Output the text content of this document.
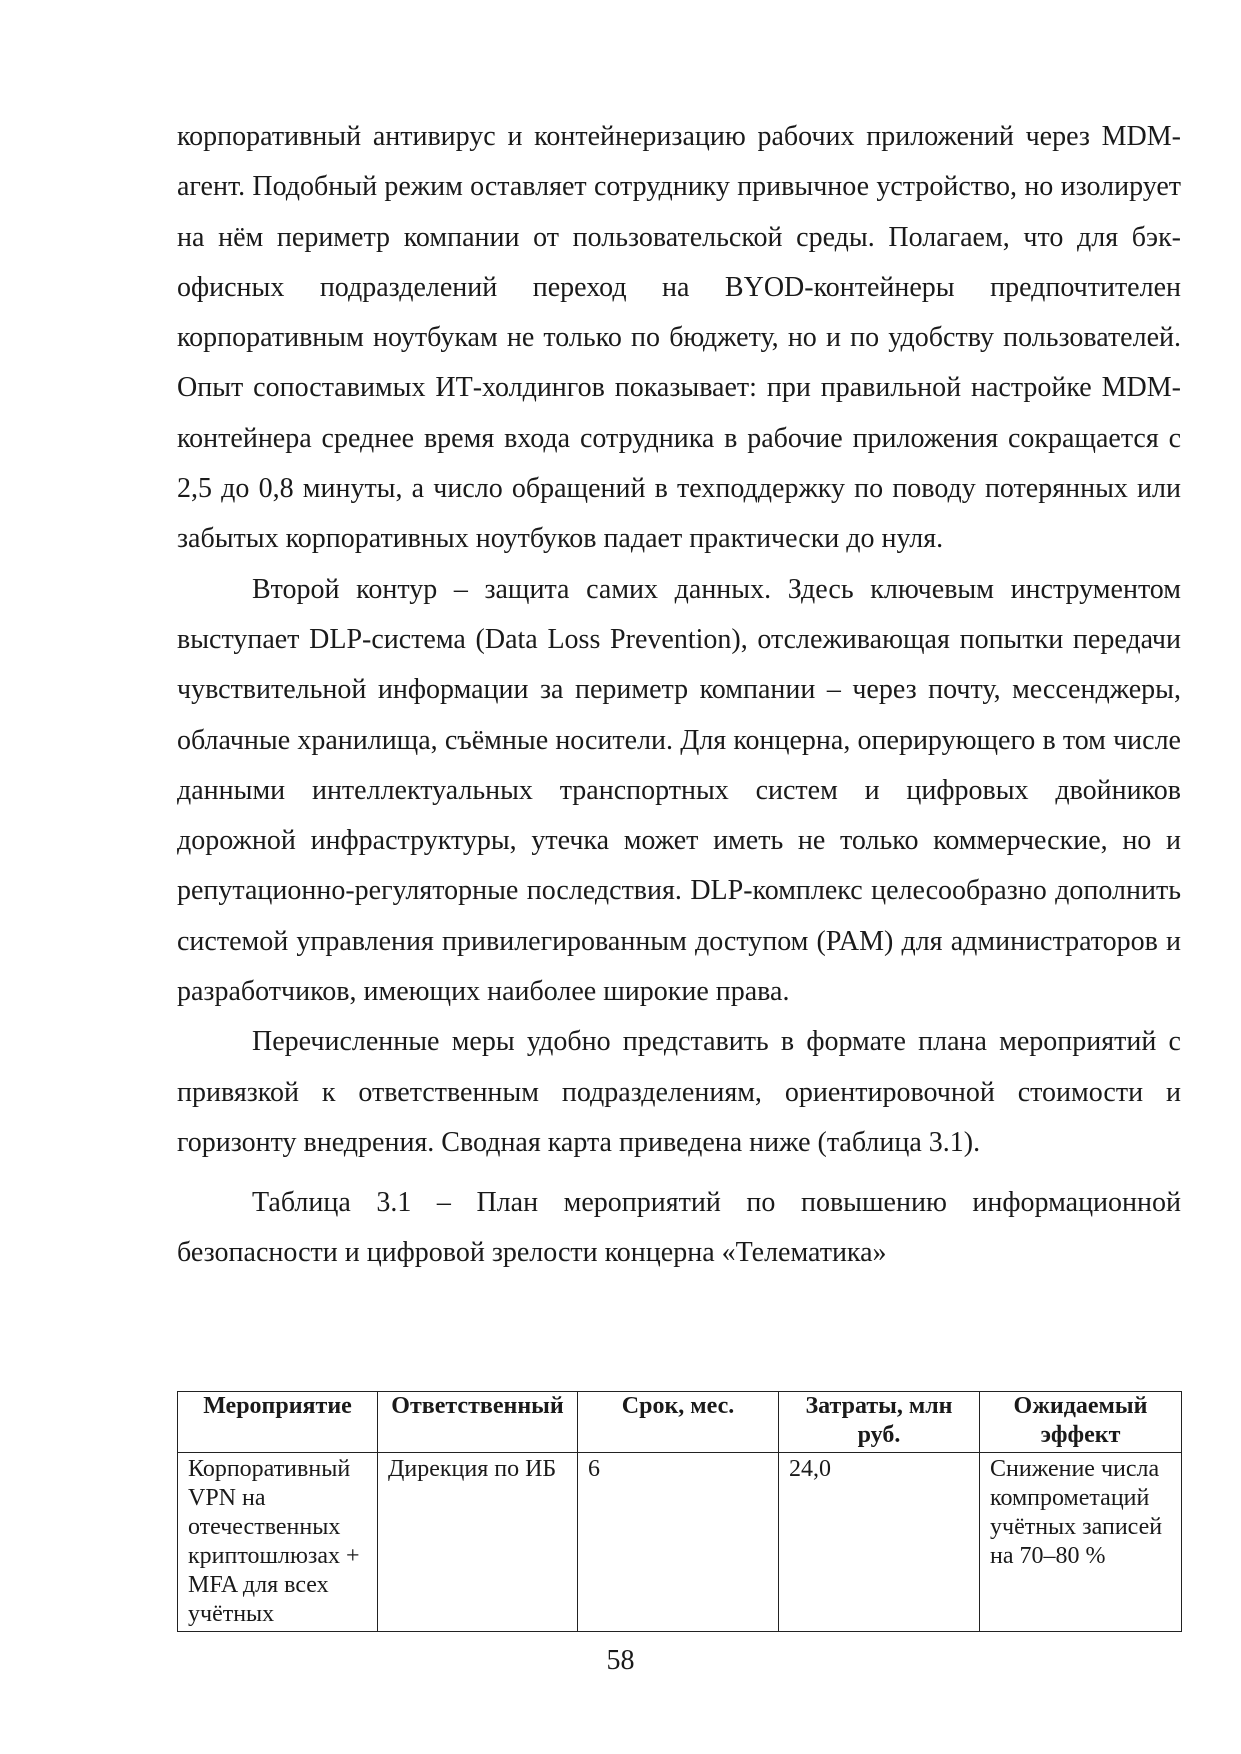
корпоративный антивирус и контейнеризацию рабочих приложений через MDM-агент. Подобный режим оставляет сотруднику привычное устройство, но изолирует на нём периметр компании от пользовательской среды. Полагаем, что для бэк-офисных подразделений переход на BYOD-контейнеры предпочтителен корпоративным ноутбукам не только по бюджету, но и по удобству пользователей. Опыт сопоставимых ИТ-холдингов показывает: при правильной настройке MDM-контейнера среднее время входа сотрудника в рабочие приложения сокращается с 2,5 до 0,8 минуты, а число обращений в техподдержку по поводу потерянных или забытых корпоративных ноутбуков падает практически до нуля.

Второй контур – защита самих данных. Здесь ключевым инструментом выступает DLP-система (Data Loss Prevention), отслеживающая попытки передачи чувствительной информации за периметр компании – через почту, мессенджеры, облачные хранилища, съёмные носители. Для концерна, оперирующего в том числе данными интеллектуальных транспортных систем и цифровых двойников дорожной инфраструктуры, утечка может иметь не только коммерческие, но и репутационно-регуляторные последствия. DLP-комплекс целесообразно дополнить системой управления привилегированным доступом (PAM) для администраторов и разработчиков, имеющих наиболее широкие права.

Перечисленные меры удобно представить в формате плана мероприятий с привязкой к ответственным подразделениям, ориентировочной стоимости и горизонту внедрения. Сводная карта приведена ниже (таблица 3.1).

Таблица 3.1 – План мероприятий по повышению информационной безопасности и цифровой зрелости концерна «Телематика»

Мероприятие	Ответственный	Срок, мес.	Затраты, млн руб.	Ожидаемый эффект
Корпоративный VPN на отечественных криптошлюзах + MFA для всех учётных	Дирекция по ИБ	6	24,0	Снижение числа компрометаций учётных записей на 70–80 %
58
